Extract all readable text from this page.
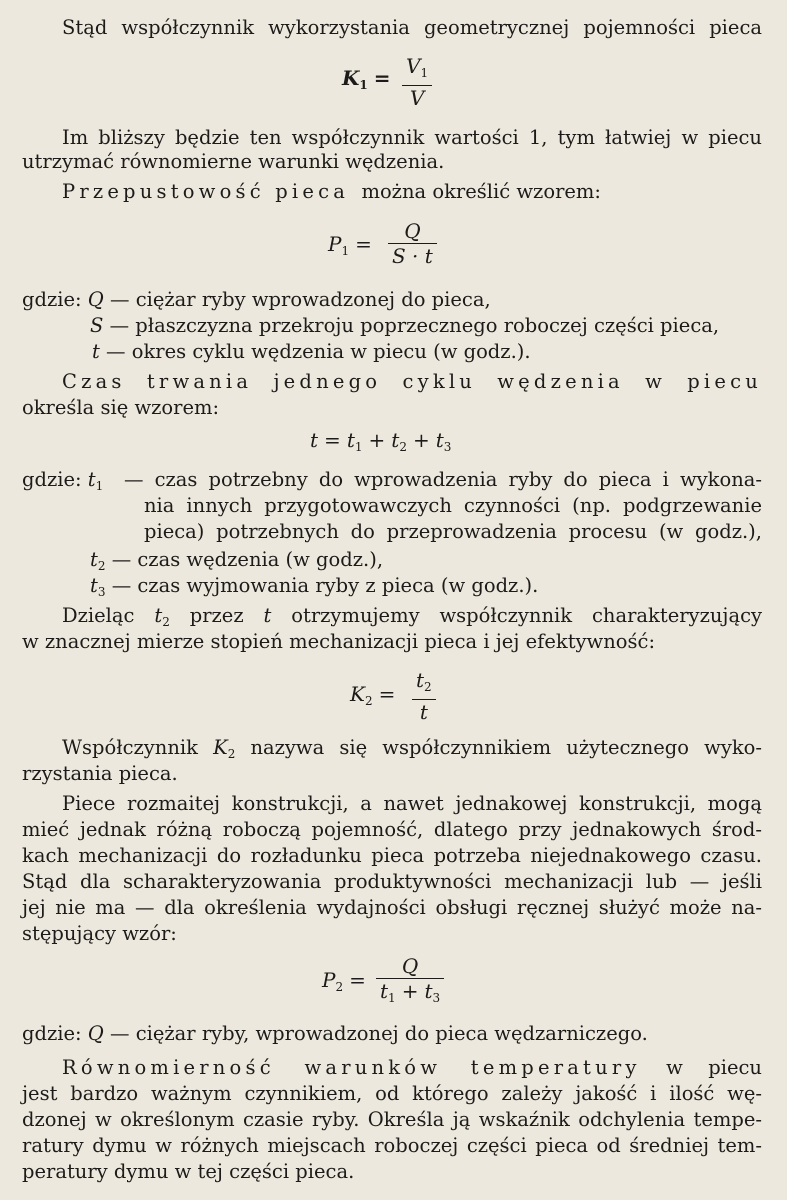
Stąd współczynnik wykorzystania geometrycznej pojemności pieca

$K_1 = V_1$
V

Im bliższy będzie ten współczynnik wartości 1, tym łatwiej w piecu

utrzymać równomierne warunki wędzenia.

Przepustowość pieca można określić wzorem:

$P_1$ =
Q
S · t

gdzie: Q — ciężar ryby wprowadzonej do pieca,

S — płaszczyzna przekroju poprzecznego roboczej części pieca,

t — okres cyklu wędzenia w piecu (w godz.).

Czas trwania jednego cyklu wędzenia w piecu

określa się wzorem:

$t = t_1 + t_2 + t_3$

gdzie: $t_1$ — czas potrzebny do wprowadzenia ryby do pieca i wykona-

nia innych przygotowawczych czynności (np. podgrzewanie

pieca) potrzebnych do przeprowadzenia procesu (w godz.),

$t_2$ — czas wędzenia (w godz.),

$t_3$ — czas wyjmowania ryby z pieca (w godz.).

Dzieląc $t_2$ przez t otrzymujemy współczynnik charakteryzujący

w znacznej mierze stopień mechanizacji pieca i jej efektywność:

$K_2$ =
$t_2$
t

Współczynnik $K_2$ nazywa się współczynnikiem użytecznego wyko-

rzystania pieca.

Piece rozmaitej konstrukcji, a nawet jednakowej konstrukcji, mogą

mieć jednak różną roboczą pojemność, dlatego przy jednakowych środ-

kach mechanizacji do rozładunku pieca potrzeba niejednakowego czasu.

Stąd dla scharakteryzowania produktywności mechanizacji lub — jeśli

jej nie ma — dla określenia wydajności obsługi ręcznej służyć może na-

stępujący wzór:

$P_2$ =
Q
$t_1 + t_3$

gdzie: Q — ciężar ryby, wprowadzonej do pieca wędzarniczego.

Równomierność warunków temperatury w piecu

jest bardzo ważnym czynnikiem, od którego zależy jakość i ilość wę-

dzonej w określonym czasie ryby. Określa ją wskaźnik odchylenia tempe-

ratury dymu w różnych miejscach roboczej części pieca od średniej tem-

peratury dymu w tej części pieca.
